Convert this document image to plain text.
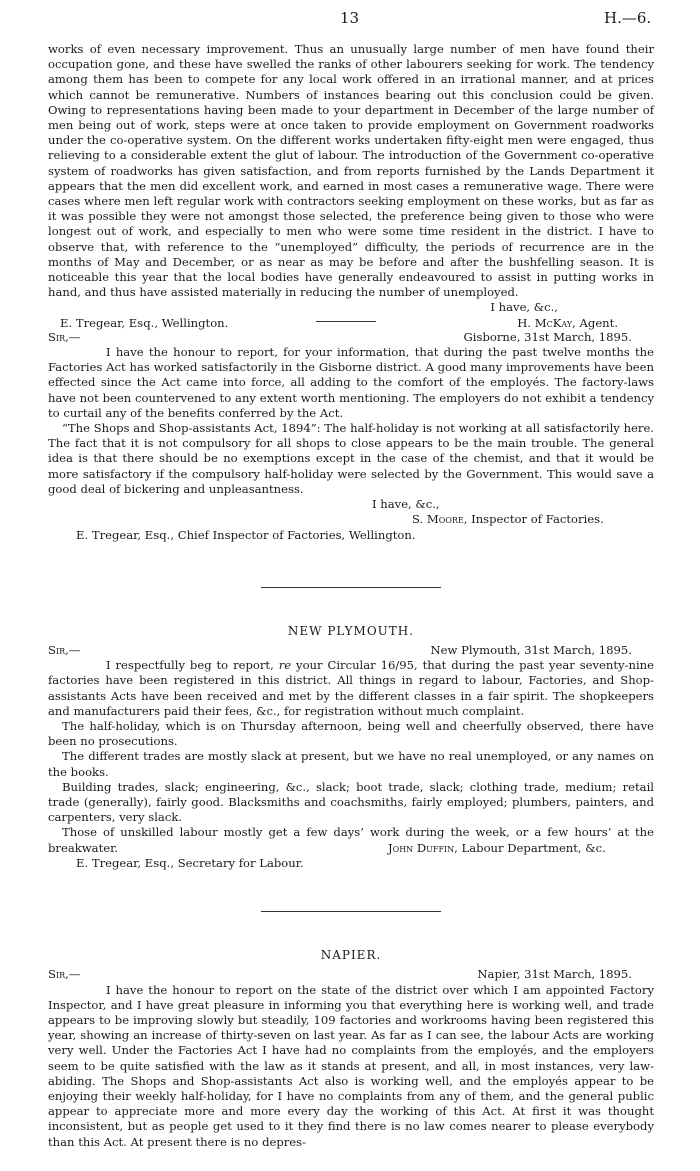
13	H.—6.

works of even necessary improvement. Thus an unusually large number of men have found their occupation gone, and these have swelled the ranks of other labourers seeking for work. The tendency among them has been to compete for any local work offered in an irrational manner, and at prices which cannot be remunerative. Numbers of instances bearing out this conclusion could be given. Owing to representations having been made to your department in December of the large number of men being out of work, steps were at once taken to provide employment on Government roadworks under the co-operative system. On the different works undertaken fifty-eight men were engaged, thus relieving to a considerable extent the glut of labour. The introduction of the Government co-operative system of roadworks has given satisfaction, and from reports furnished by the Lands Department it appears that the men did excellent work, and earned in most cases a remunerative wage. There were cases where men left regular work with contractors seeking employment on these works, but as far as it was possible they were not amongst those selected, the preference being given to those who were longest out of work, and especially to men who were some time resident in the district. I have to observe that, with reference to the “unemployed” difficulty, the periods of recurrence are in the months of May and December, or as near as may be before and after the bushfelling season. It is noticeable this year that the local bodies have generally endeavoured to assist in putting works in hand, and thus have assisted materially in reducing the number of unemployed.

I have, &c.,
E. Tregear, Esq., Wellington.	H. McKay, Agent.
Sir,—	Gisborne, 31st March, 1895.

I have the honour to report, for your information, that during the past twelve months the Factories Act has worked satisfactorily in the Gisborne district. A good many improvements have been effected since the Act came into force, all adding to the comfort of the employés. The factory-laws have not been countervened to any extent worth mentioning. The employers do not exhibit a tendency to curtail any of the benefits conferred by the Act.

“The Shops and Shop-assistants Act, 1894”: The half-holiday is not working at all satisfactorily here. The fact that it is not compulsory for all shops to close appears to be the main trouble. The general idea is that there should be no exemptions except in the case of the chemist, and that it would be more satisfactory if the compulsory half-holiday were selected by the Government. This would save a good deal of bickering and unpleasantness.

I have, &c.,
S. Moore, Inspector of Factories.
E. Tregear, Esq., Chief Inspector of Factories, Wellington.
NEW PLYMOUTH.
Sir,—	New Plymouth, 31st March, 1895.

I respectfully beg to report, re your Circular 16/95, that during the past year seventy-nine factories have been registered in this district. All things in regard to labour, Factories, and Shop-assistants Acts have been received and met by the different classes in a fair spirit. The shopkeepers and manufacturers paid their fees, &c., for registration without much complaint.

The half-holiday, which is on Thursday afternoon, being well and cheerfully observed, there have been no prosecutions.

The different trades are mostly slack at present, but we have no real unemployed, or any names on the books.

Building trades, slack; engineering, &c., slack; boot trade, slack; clothing trade, medium; retail trade (generally), fairly good. Blacksmiths and coachsmiths, fairly employed; plumbers, painters, and carpenters, very slack.

Those of unskilled labour mostly get a few days’ work during the week, or a few hours’ at the breakwater.	John Duffin, Labour Department, &c.
E. Tregear, Esq., Secretary for Labour.
NAPIER.
Sir,—	Napier, 31st March, 1895.

I have the honour to report on the state of the district over which I am appointed Factory Inspector, and I have great pleasure in informing you that everything here is working well, and trade appears to be improving slowly but steadily, 109 factories and workrooms having been registered this year, showing an increase of thirty-seven on last year. As far as I can see, the labour Acts are working very well. Under the Factories Act I have had no complaints from the employés, and the employers seem to be quite satisfied with the law as it stands at present, and all, in most instances, very law-abiding. The Shops and Shop-assistants Act also is working well, and the employés appear to be enjoying their weekly half-holiday, for I have no complaints from any of them, and the general public appear to appreciate more and more every day the working of this Act. At first it was thought inconsistent, but as people get used to it they find there is no law comes nearer to please everybody than this Act. At present there is no depres-
